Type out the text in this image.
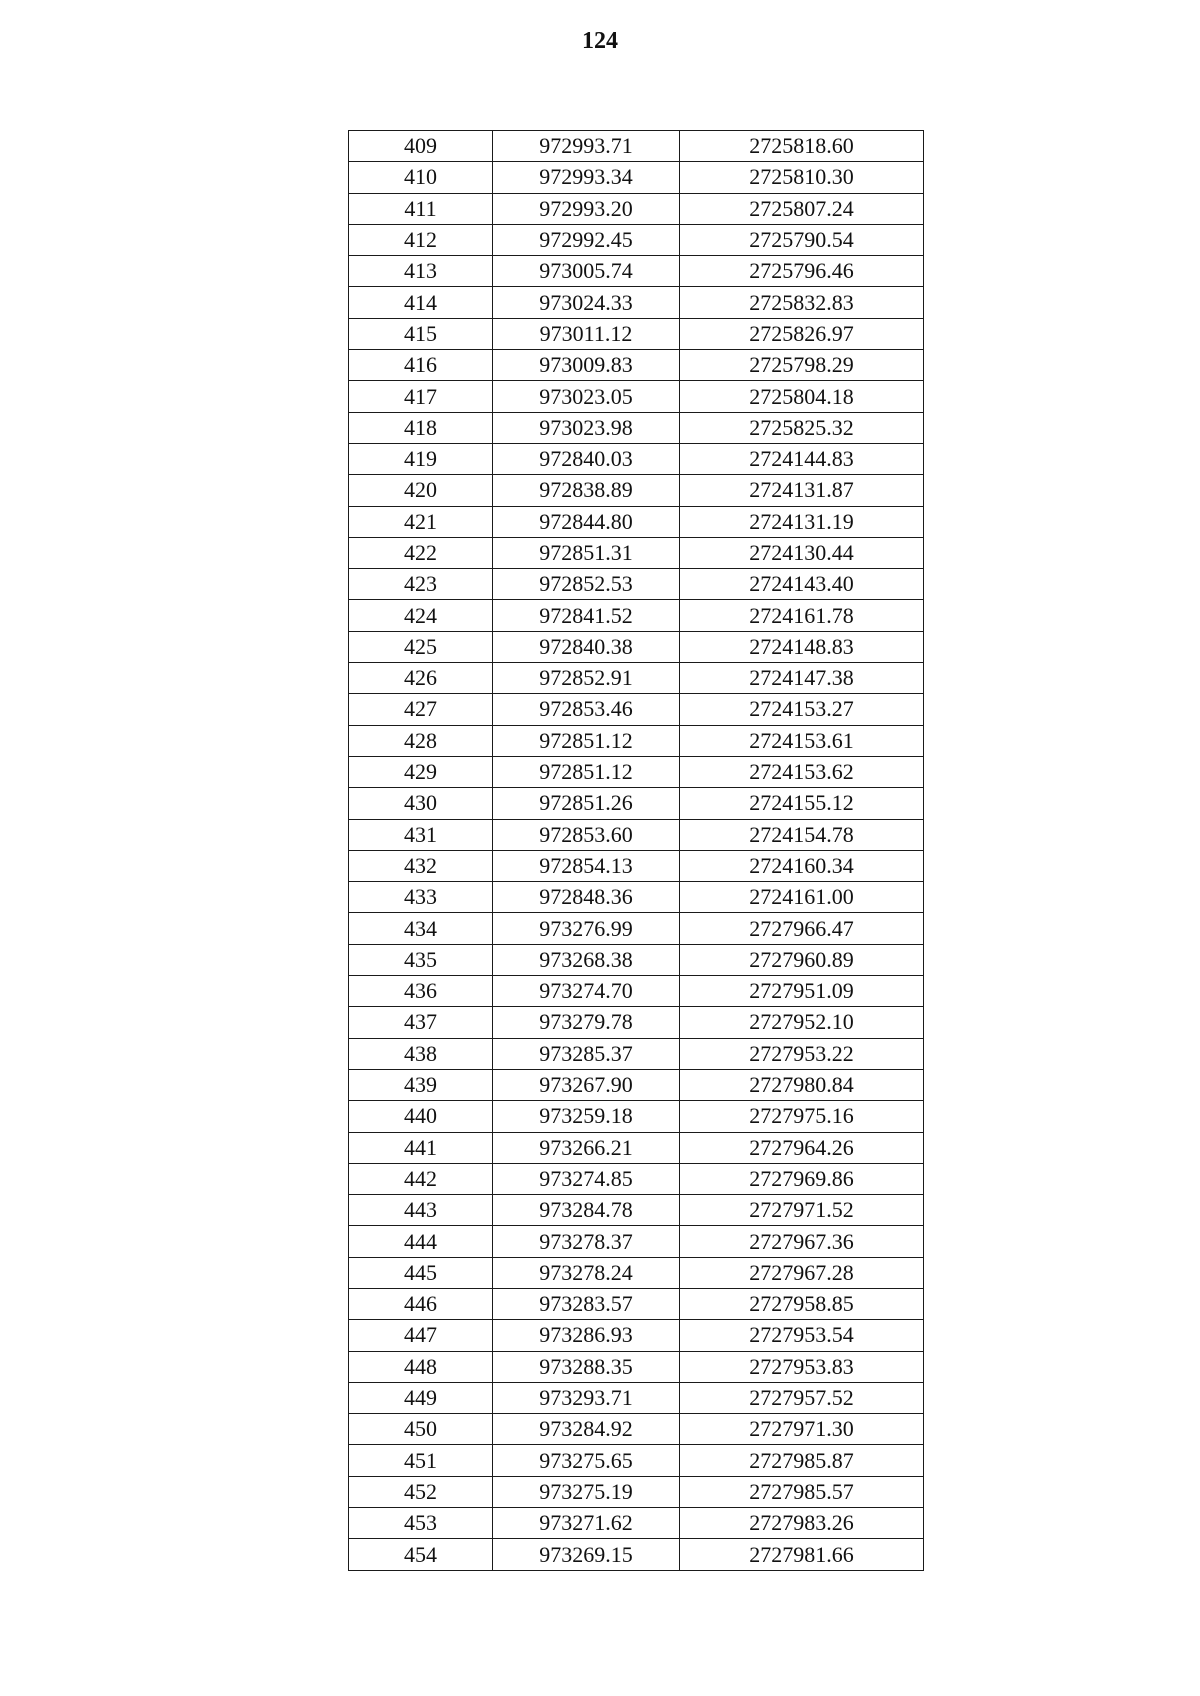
124
409	972993.71	2725818.60
410	972993.34	2725810.30
411	972993.20	2725807.24
412	972992.45	2725790.54
413	973005.74	2725796.46
414	973024.33	2725832.83
415	973011.12	2725826.97
416	973009.83	2725798.29
417	973023.05	2725804.18
418	973023.98	2725825.32
419	972840.03	2724144.83
420	972838.89	2724131.87
421	972844.80	2724131.19
422	972851.31	2724130.44
423	972852.53	2724143.40
424	972841.52	2724161.78
425	972840.38	2724148.83
426	972852.91	2724147.38
427	972853.46	2724153.27
428	972851.12	2724153.61
429	972851.12	2724153.62
430	972851.26	2724155.12
431	972853.60	2724154.78
432	972854.13	2724160.34
433	972848.36	2724161.00
434	973276.99	2727966.47
435	973268.38	2727960.89
436	973274.70	2727951.09
437	973279.78	2727952.10
438	973285.37	2727953.22
439	973267.90	2727980.84
440	973259.18	2727975.16
441	973266.21	2727964.26
442	973274.85	2727969.86
443	973284.78	2727971.52
444	973278.37	2727967.36
445	973278.24	2727967.28
446	973283.57	2727958.85
447	973286.93	2727953.54
448	973288.35	2727953.83
449	973293.71	2727957.52
450	973284.92	2727971.30
451	973275.65	2727985.87
452	973275.19	2727985.57
453	973271.62	2727983.26
454	973269.15	2727981.66
